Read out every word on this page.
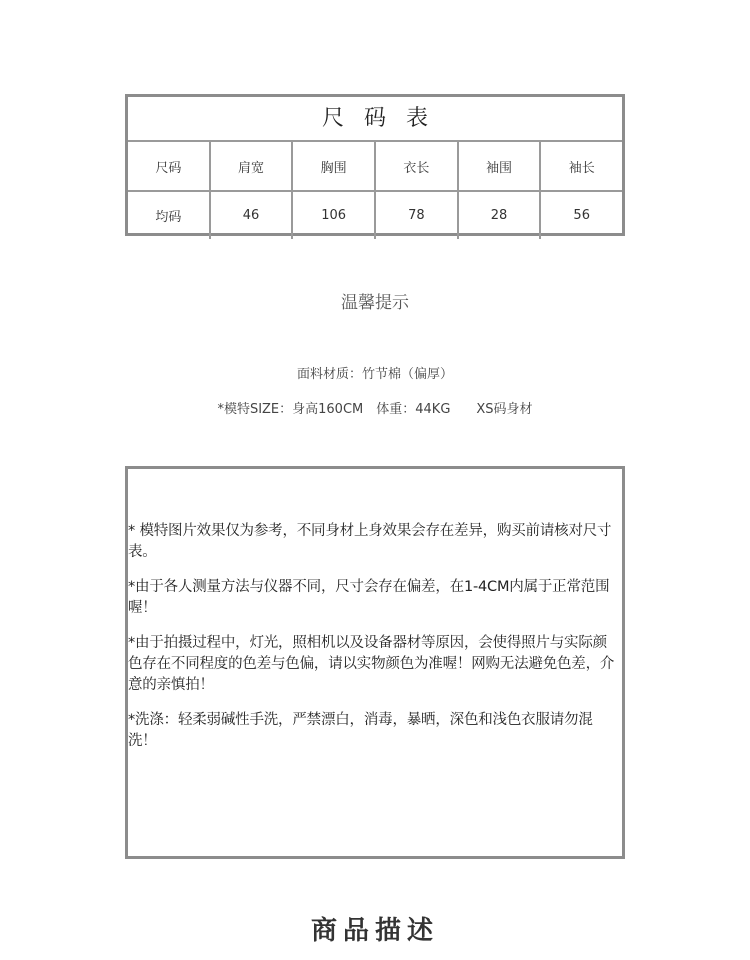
尺码表
尺码	肩宽	胸围	衣长	袖围	袖长
均码	46	106	78	28	56
温馨提示
面料材质：竹节棉（偏厚）
*模特SIZE：身高160CM　体重：44KG　　XS码身材

* 模特图片效果仅为参考，不同身材上身效果会存在差异，购买前请核对尺寸表。

*由于各人测量方法与仪器不同，尺寸会存在偏差，在1-4CM内属于正常范围喔！

*由于拍摄过程中，灯光，照相机以及设备器材等原因，会使得照片与实际颜色存在不同程度的色差与色偏，请以实物颜色为准喔！网购无法避免色差，介意的亲慎拍！

*洗涤：轻柔弱碱性手洗，严禁漂白，消毒，暴晒，深色和浅色衣服请勿混洗！

商品描述
